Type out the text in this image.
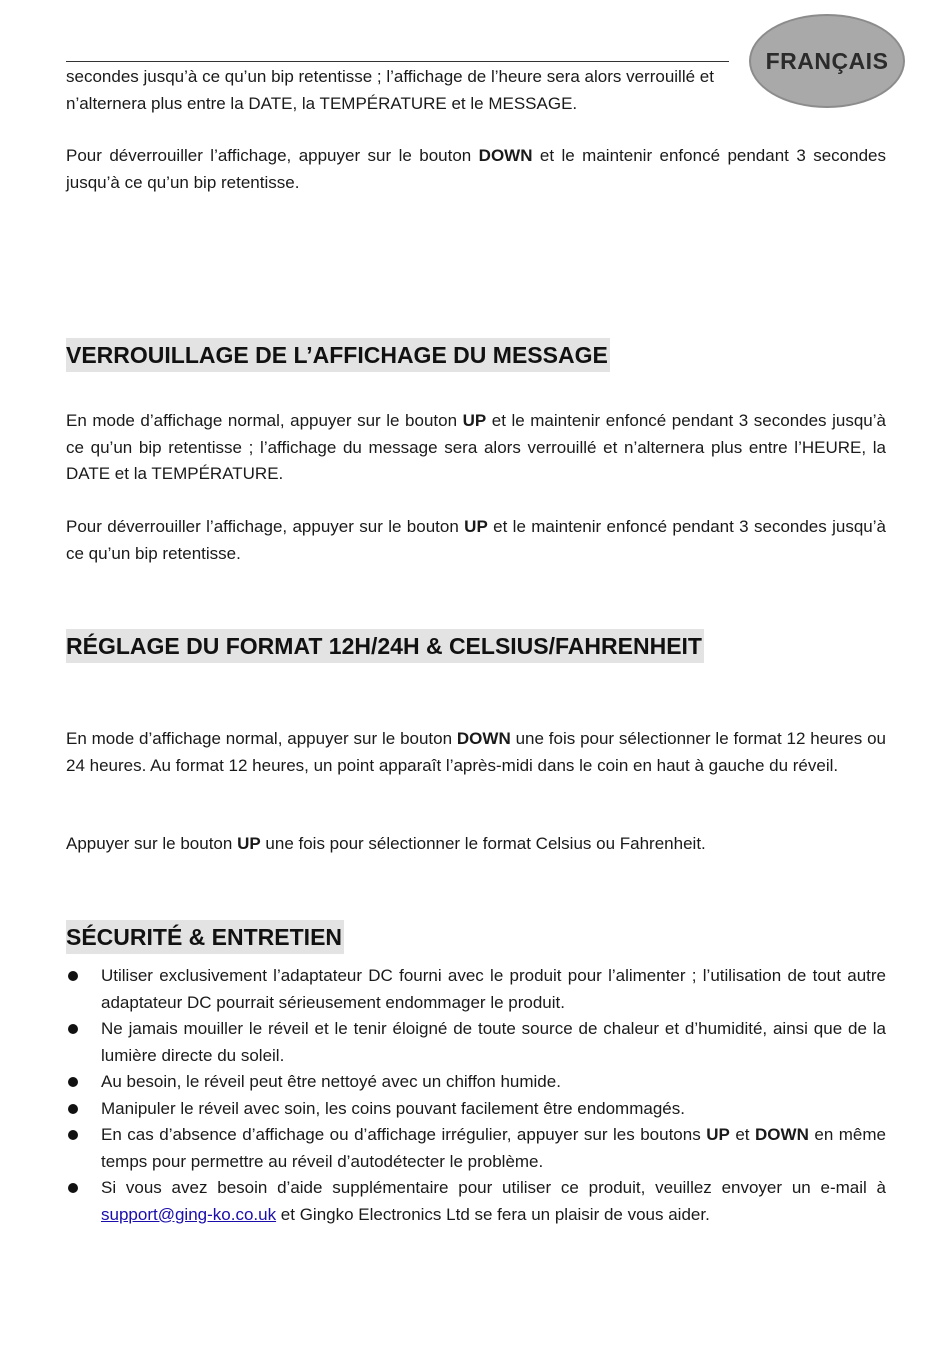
FRANÇAIS

secondes jusqu’à ce qu’un bip retentisse ; l’affichage de l’heure sera alors verrouillé et n’alternera plus entre la DATE, la TEMPÉRATURE et le MESSAGE.

Pour déverrouiller l’affichage, appuyer sur le bouton DOWN et le maintenir enfoncé pendant 3 secondes jusqu’à ce qu’un bip retentisse.

VERROUILLAGE DE L’AFFICHAGE DU MESSAGE

En mode d’affichage normal, appuyer sur le bouton UP et le maintenir enfoncé pendant 3 secondes jusqu’à ce qu’un bip retentisse ; l’affichage du message sera alors verrouillé et n’alternera plus entre l’HEURE, la DATE et la TEMPÉRATURE.

Pour déverrouiller l’affichage, appuyer sur le bouton UP et le maintenir enfoncé pendant 3 secondes jusqu’à ce qu’un bip retentisse.

RÉGLAGE DU FORMAT 12H/24H & CELSIUS/FAHRENHEIT

En mode d’affichage normal, appuyer sur le bouton DOWN une fois pour sélectionner le format 12 heures ou 24 heures. Au format 12 heures, un point apparaît l’après-midi dans le coin en haut à gauche du réveil.

Appuyer sur le bouton UP une fois pour sélectionner le format Celsius ou Fahrenheit.

SÉCURITÉ & ENTRETIEN
Utiliser exclusivement l’adaptateur DC fourni avec le produit pour l’alimenter ; l’utilisation de tout autre adaptateur DC pourrait sérieusement endommager le produit.
Ne jamais mouiller le réveil et le tenir éloigné de toute source de chaleur et d’humidité, ainsi que de la lumière directe du soleil.
Au besoin, le réveil peut être nettoyé avec un chiffon humide.
Manipuler le réveil avec soin, les coins pouvant facilement être endommagés.
En cas d’absence d’affichage ou d’affichage irrégulier, appuyer sur les boutons UP et DOWN en même temps pour permettre au réveil d’autodétecter le problème.
Si vous avez besoin d’aide supplémentaire pour utiliser ce produit, veuillez envoyer un e-mail à support@ging-ko.co.uk et Gingko Electronics Ltd se fera un plaisir de vous aider.
